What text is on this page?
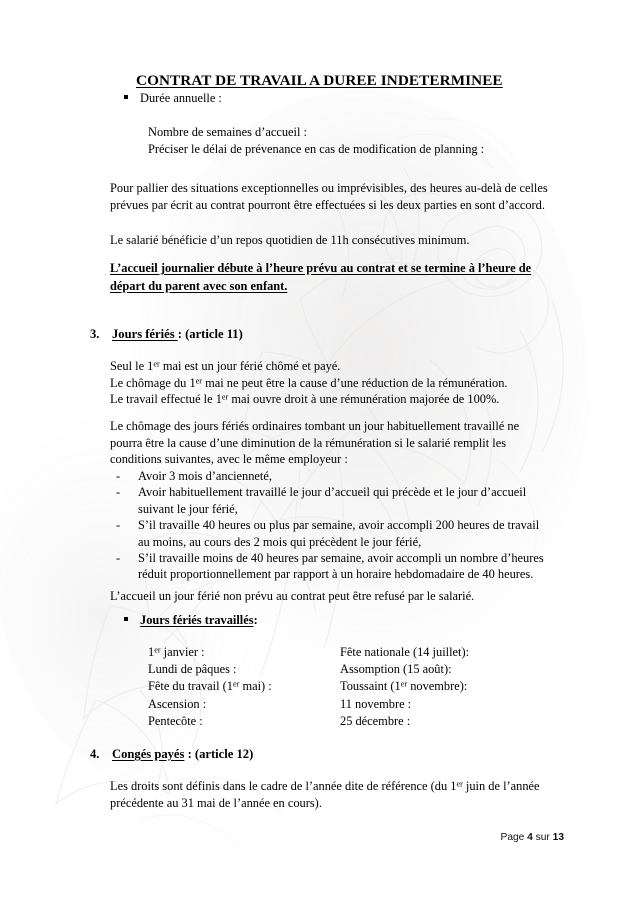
CONTRAT DE TRAVAIL A DUREE INDETERMINEE
Durée annuelle :
Nombre de semaines d’accueil :
Préciser le délai de prévenance en cas de modification de planning :
Pour pallier des situations exceptionnelles ou imprévisibles, des heures au-delà de celles prévues par écrit au contrat pourront être effectuées si les deux parties en sont d’accord.
Le salarié bénéficie d’un repos quotidien de 11h consécutives minimum.
L’accueil journalier débute à l’heure prévu au contrat et se termine à l’heure de
départ du parent avec son enfant.
3. Jours fériés : (article 11)
Seul le 1er mai est un jour férié chômé et payé.
Le chômage du 1er mai ne peut être la cause d’une réduction de la rémunération.
Le travail effectué le 1er mai ouvre droit à une rémunération majorée de 100%.
Le chômage des jours fériés ordinaires tombant un jour habituellement travaillé ne pourra être la cause d’une diminution de la rémunération si le salarié remplit les conditions suivantes, avec le même employeur :
- Avoir 3 mois d’ancienneté,
- Avoir habituellement travaillé le jour d’accueil qui précède et le jour d’accueil suivant le jour férié,
- S’il travaille 40 heures ou plus par semaine, avoir accompli 200 heures de travail au moins, au cours des 2 mois qui précèdent le jour férié,
- S’il travaille moins de 40 heures par semaine, avoir accompli un nombre d’heures réduit proportionnellement par rapport à un horaire hebdomadaire de 40 heures.
L’accueil un jour férié non prévu au contrat peut être refusé par le salarié.
Jours fériés travaillés :
1er janvier :	Fête nationale (14 juillet):
Lundi de pâques :	Assomption (15 août):
Fête du travail (1er mai) :	Toussaint (1er novembre):
Ascension :	11 novembre :
Pentecôte :	25 décembre :
4. Congés payés : (article 12)
Les droits sont définis dans le cadre de l’année dite de référence (du 1er juin de l’année précédente au 31 mai de l’année en cours).
Page 4 sur 13
